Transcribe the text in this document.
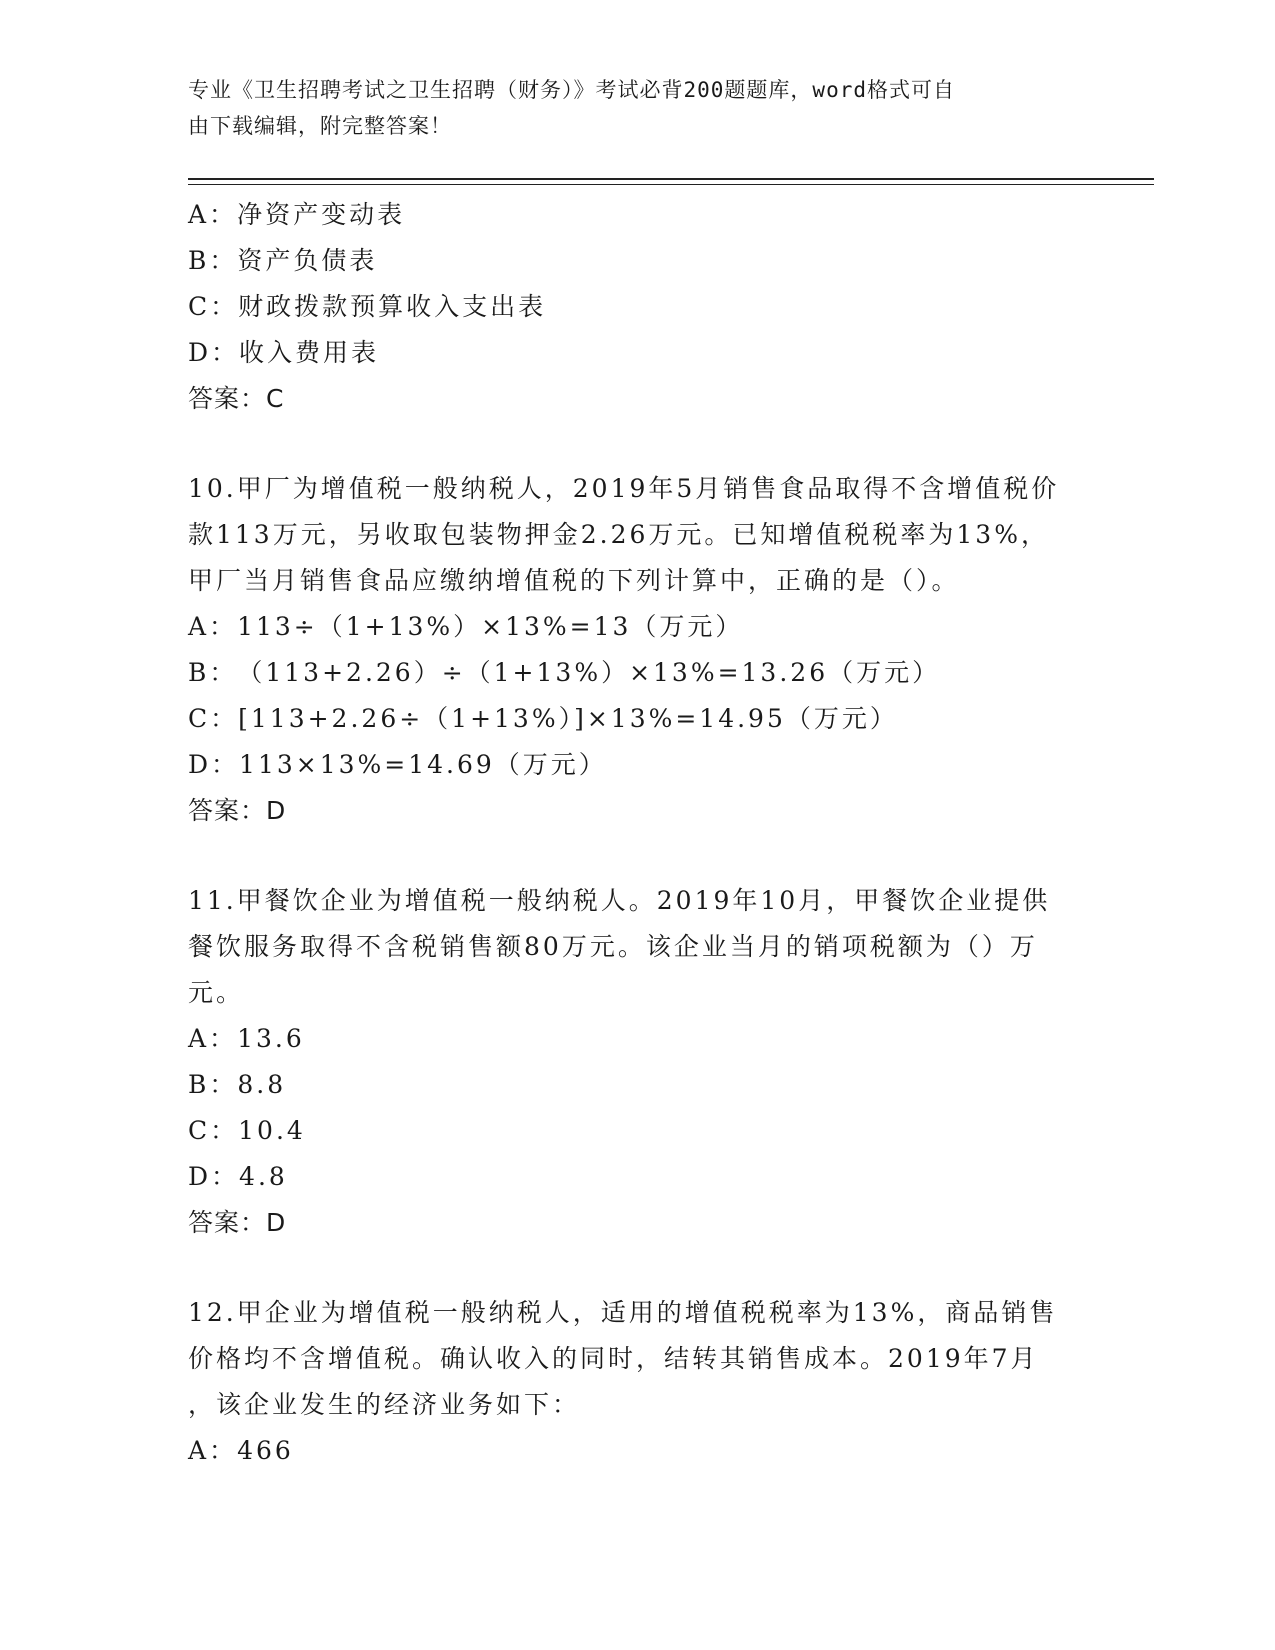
专业《卫生招聘考试之卫生招聘（财务）》考试必背200题题库，word格式可自
由下载编辑，附完整答案！
A：净资产变动表
B：资产负债表
C：财政拨款预算收入支出表
D：收入费用表
答案：C
10.甲厂为增值税一般纳税人，2019年5月销售食品取得不含增值税价
款113万元，另收取包装物押金2.26万元。已知增值税税率为13%，
甲厂当月销售食品应缴纳增值税的下列计算中，正确的是（）。
A：113÷（1+13%）×13%=13（万元）
B：（113+2.26）÷（1+13%）×13%=13.26（万元）
C：[113+2.26÷（1+13%）]×13%=14.95（万元）
D：113×13%=14.69（万元）
答案：D
11.甲餐饮企业为增值税一般纳税人。2019年10月，甲餐饮企业提供
餐饮服务取得不含税销售额80万元。该企业当月的销项税额为（）万
元。
A：13.6
B：8.8
C：10.4
D：4.8
答案：D
12.甲企业为增值税一般纳税人，适用的增值税税率为13%，商品销售
价格均不含增值税。确认收入的同时，结转其销售成本。2019年7月
，该企业发生的经济业务如下：
A：466
